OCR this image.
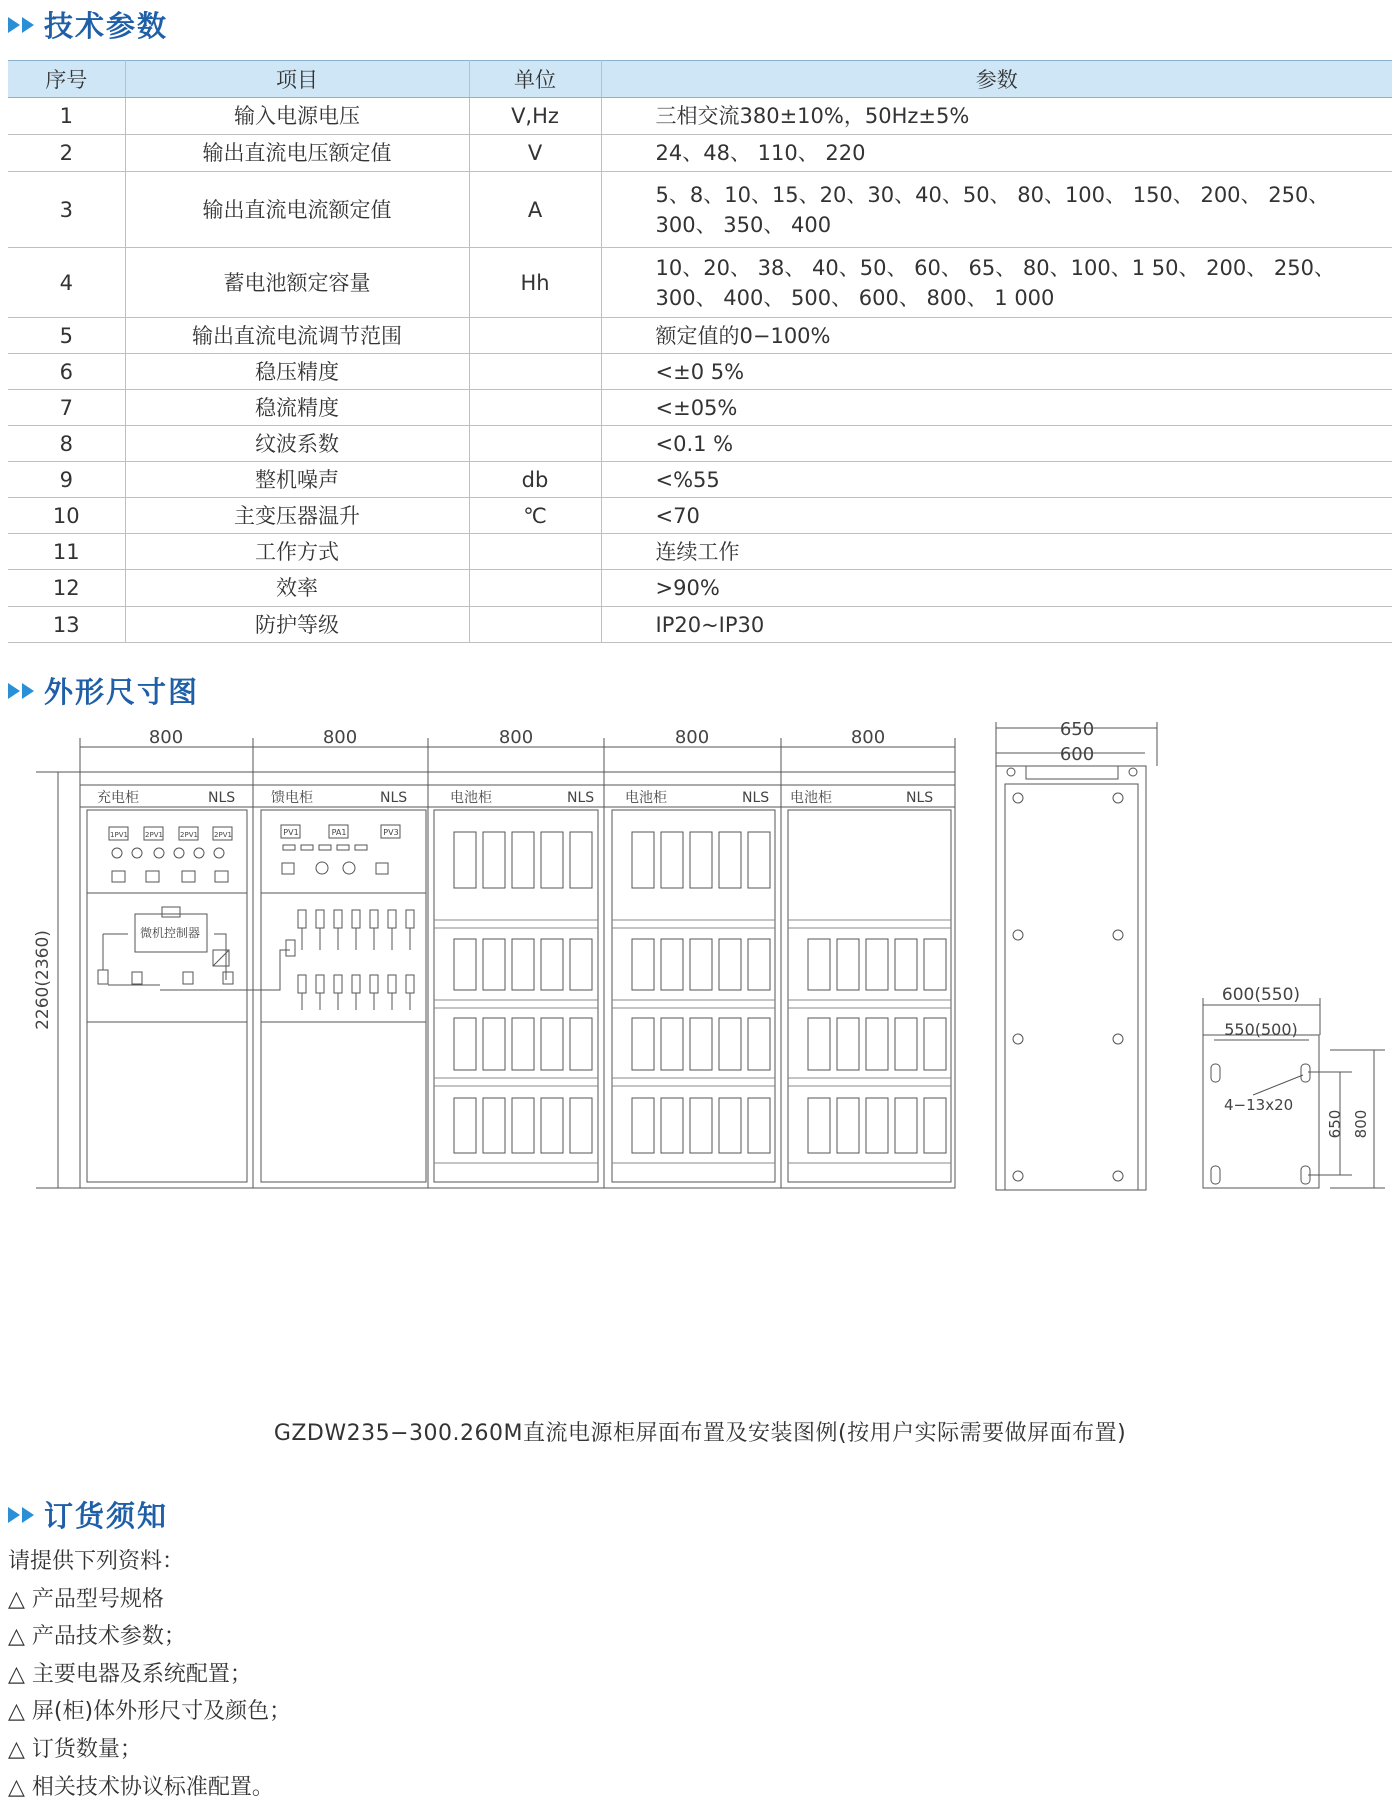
技术参数
序号	项目	单位	参数
1	输入电源电压	V,Hz	三相交流380±10%，50Hz±5%
2	输出直流电压额定值	V	24、48、 110、 220
3	输出直流电流额定值	A	5、8、10、15、20、30、40、50、 80、100、 150、 200、 250、300、 350、 400
4	蓄电池额定容量	Hh	10、20、 38、 40、50、 60、 65、 80、100、1 50、 200、 250、300、 400、 500、 600、 800、 1 000
5	输出直流电流调节范围		额定值的0−100%
6	稳压精度		<±0 5%
7	稳流精度		<±05%
8	纹波系数		<0.1 %
9	整机噪声	db	<%55
10	主变压器温升	℃	<70
11	工作方式		连续工作
12	效率		>90%
13	防护等级		IP20~IP30
外形尺寸图
800	800	800	800	800
2260(2360)
充电柜	NLS	馈电柜	NLS	电池柜	NLS 电池柜	NLS 电池柜	NLS
650
600
600(550)
550(500)
4−13x20
650 800
微机控制器
1PV1 2PV1 2PV1 2PV1	PV1	PA1	PV3
GZDW235−300.260M直流电源柜屏面布置及安装图例(按用户实际需要做屏面布置)
订货须知
请提供下列资料：
△ 产品型号规格
△ 产品技术参数；
△ 主要电器及系统配置；
△ 屏(柜)体外形尺寸及颜色；
△ 订货数量；
△ 相关技术协议标准配置。
